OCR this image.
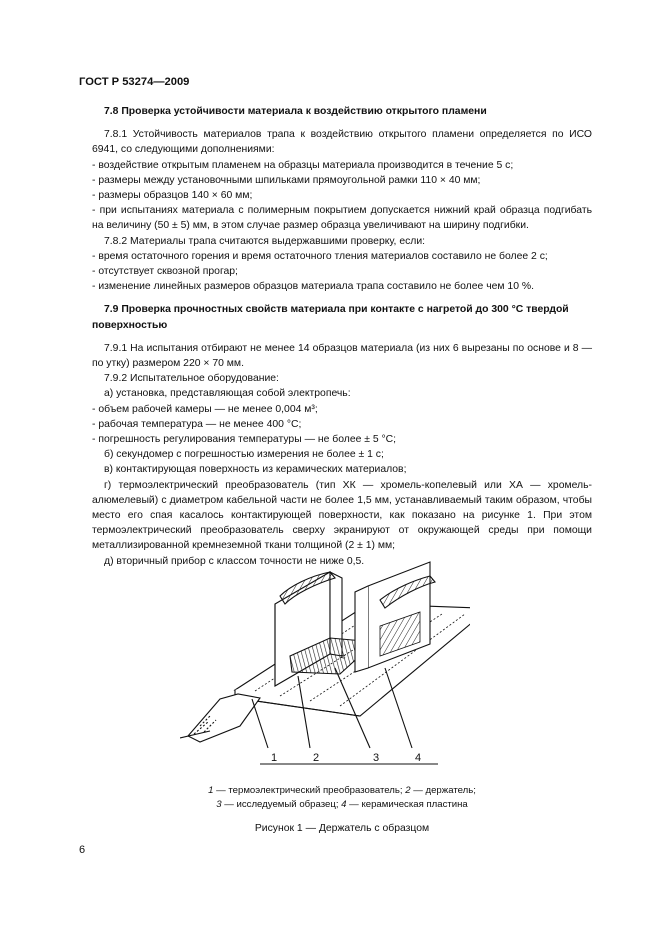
ГОСТ Р 53274—2009

7.8 Проверка устойчивости материала к воздействию открытого пламени

7.8.1 Устойчивость материалов трапа к воздействию открытого пламени определяется по ИСО 6941, со следующими дополнениями:

- воздействие открытым пламенем на образцы материала производится в течение 5 с;

- размеры между установочными шпильками прямоугольной рамки 110 × 40 мм;

- размеры образцов 140 × 60 мм;

- при испытаниях материала с полимерным покрытием допускается нижний край образца подгибать на величину (50 ± 5) мм, в этом случае размер образца увеличивают на ширину подгибки.

7.8.2 Материалы трапа считаются выдержавшими проверку, если:

- время остаточного горения и время остаточного тления материалов составило не более 2 с;

- отсутствует сквозной прогар;

- изменение линейных размеров образцов материала трапа составило не более чем 10 %.

7.9 Проверка прочностных свойств материала при контакте с нагретой до 300 °C твердой поверхностью

7.9.1 На испытания отбирают не менее 14 образцов материала (из них 6 вырезаны по основе и 8 — по утку) размером 220 × 70 мм.

7.9.2 Испытательное оборудование:

а) установка, представляющая собой электропечь:

- объем рабочей камеры — не менее 0,004 м³;

- рабочая температура — не менее 400 °С;

- погрешность регулирования температуры — не более ± 5 °С;

б) секундомер с погрешностью измерения не более ± 1 с;

в) контактирующая поверхность из керамических материалов;

г) термоэлектрический преобразователь (тип ХК — хромель-копелевый или ХА — хромель-алюмелевый) с диаметром кабельной части не более 1,5 мм, устанавливаемый таким образом, чтобы место его спая касалось контактирующей поверхности, как показано на рисунке 1. При этом термоэлектрический преобразователь сверху экранируют от окружающей среды при помощи металлизированной кремнеземной ткани толщиной (2 ± 1) мм;

д) вторичный прибор с классом точности не ниже 0,5.

≈
1	2	3	4
1 — термоэлектрический преобразователь; 2 — держатель;
3 — исследуемый образец; 4 — керамическая пластина
Рисунок 1 — Держатель с образцом
6
